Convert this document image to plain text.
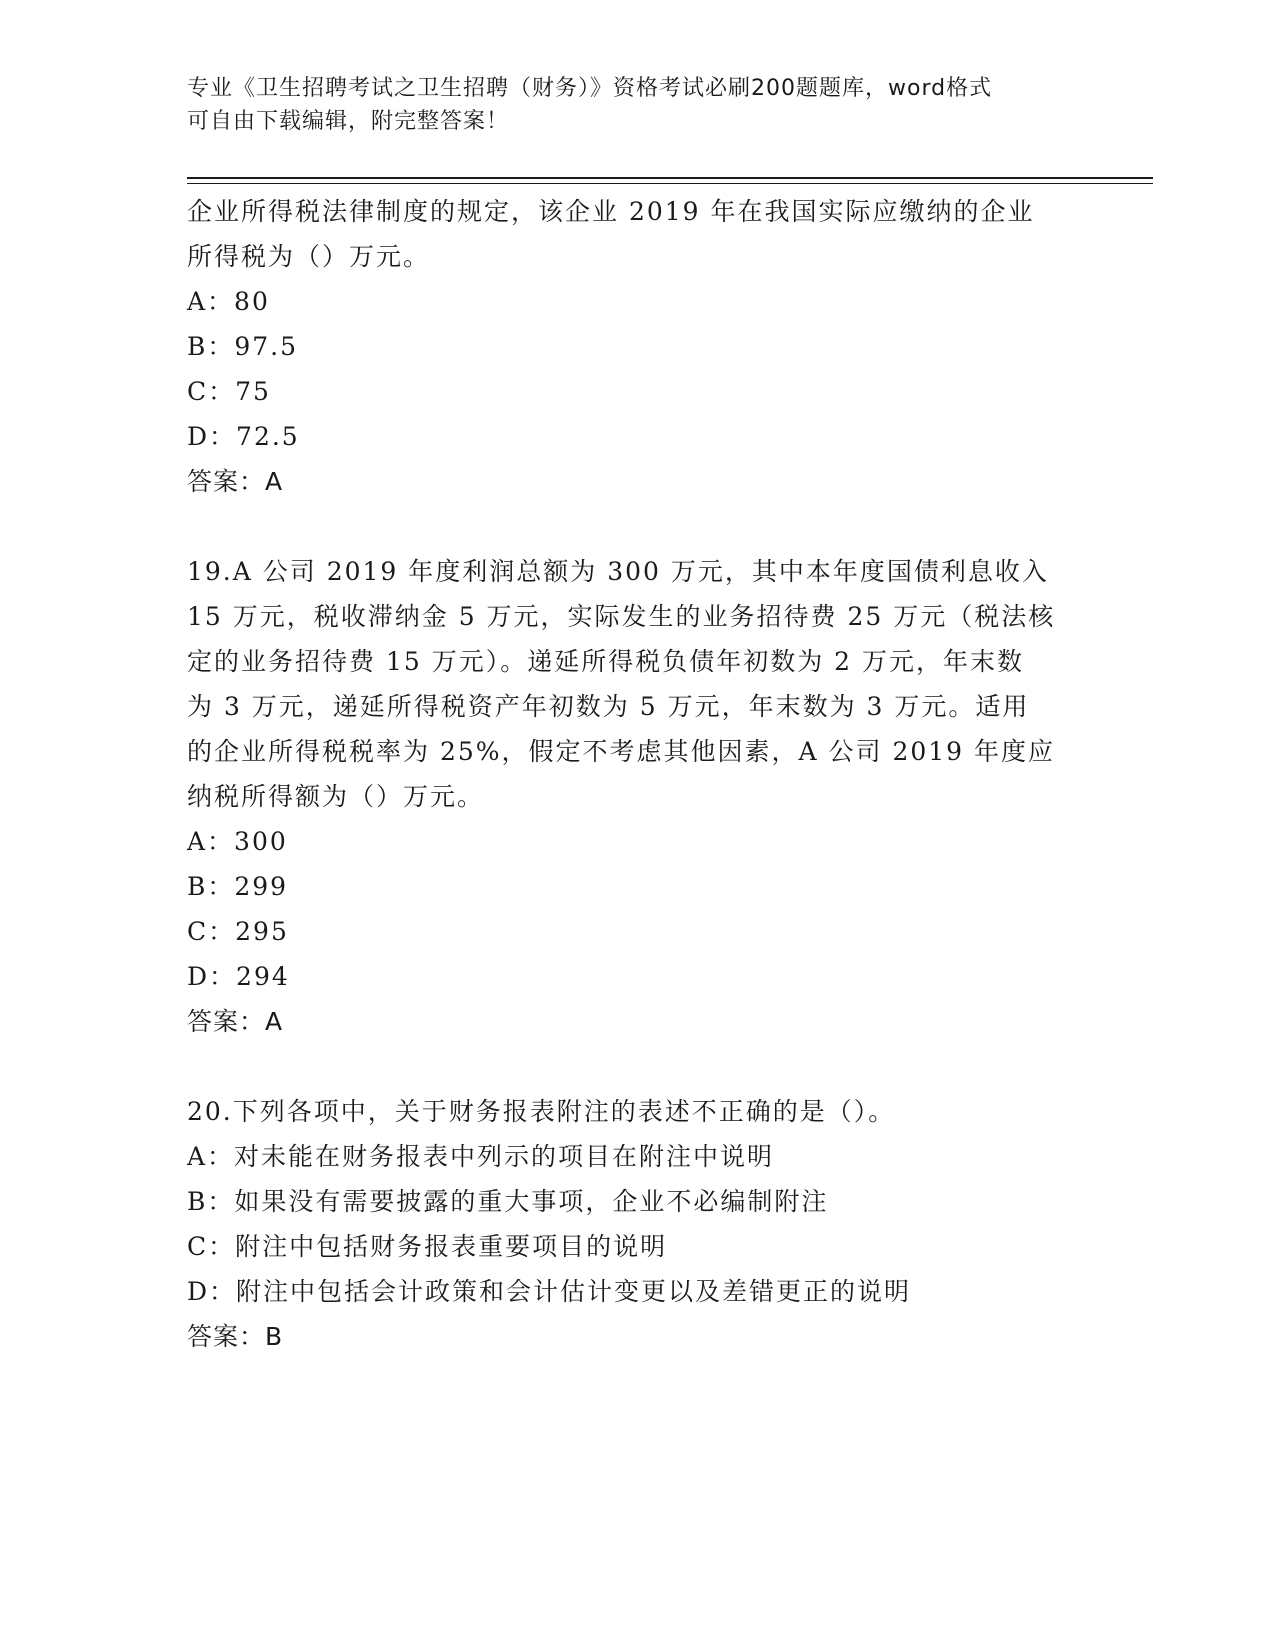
专业《卫生招聘考试之卫生招聘（财务）》资格考试必刷200题题库，word格式
可自由下载编辑，附完整答案！

企业所得税法律制度的规定，该企业 2019 年在我国实际应缴纳的企业

所得税为（）万元。

A：80

B：97.5

C：75

D：72.5

答案：A

19.A 公司 2019 年度利润总额为 300 万元，其中本年度国债利息收入

15 万元，税收滞纳金 5 万元，实际发生的业务招待费 25 万元（税法核

定的业务招待费 15 万元）。递延所得税负债年初数为 2 万元，年末数

为 3 万元，递延所得税资产年初数为 5 万元，年末数为 3 万元。适用

的企业所得税税率为 25%，假定不考虑其他因素，A 公司 2019 年度应

纳税所得额为（）万元。

A：300

B：299

C：295

D：294

答案：A

20.下列各项中，关于财务报表附注的表述不正确的是（）。

A：对未能在财务报表中列示的项目在附注中说明

B：如果没有需要披露的重大事项，企业不必编制附注

C：附注中包括财务报表重要项目的说明

D：附注中包括会计政策和会计估计变更以及差错更正的说明

答案：B
